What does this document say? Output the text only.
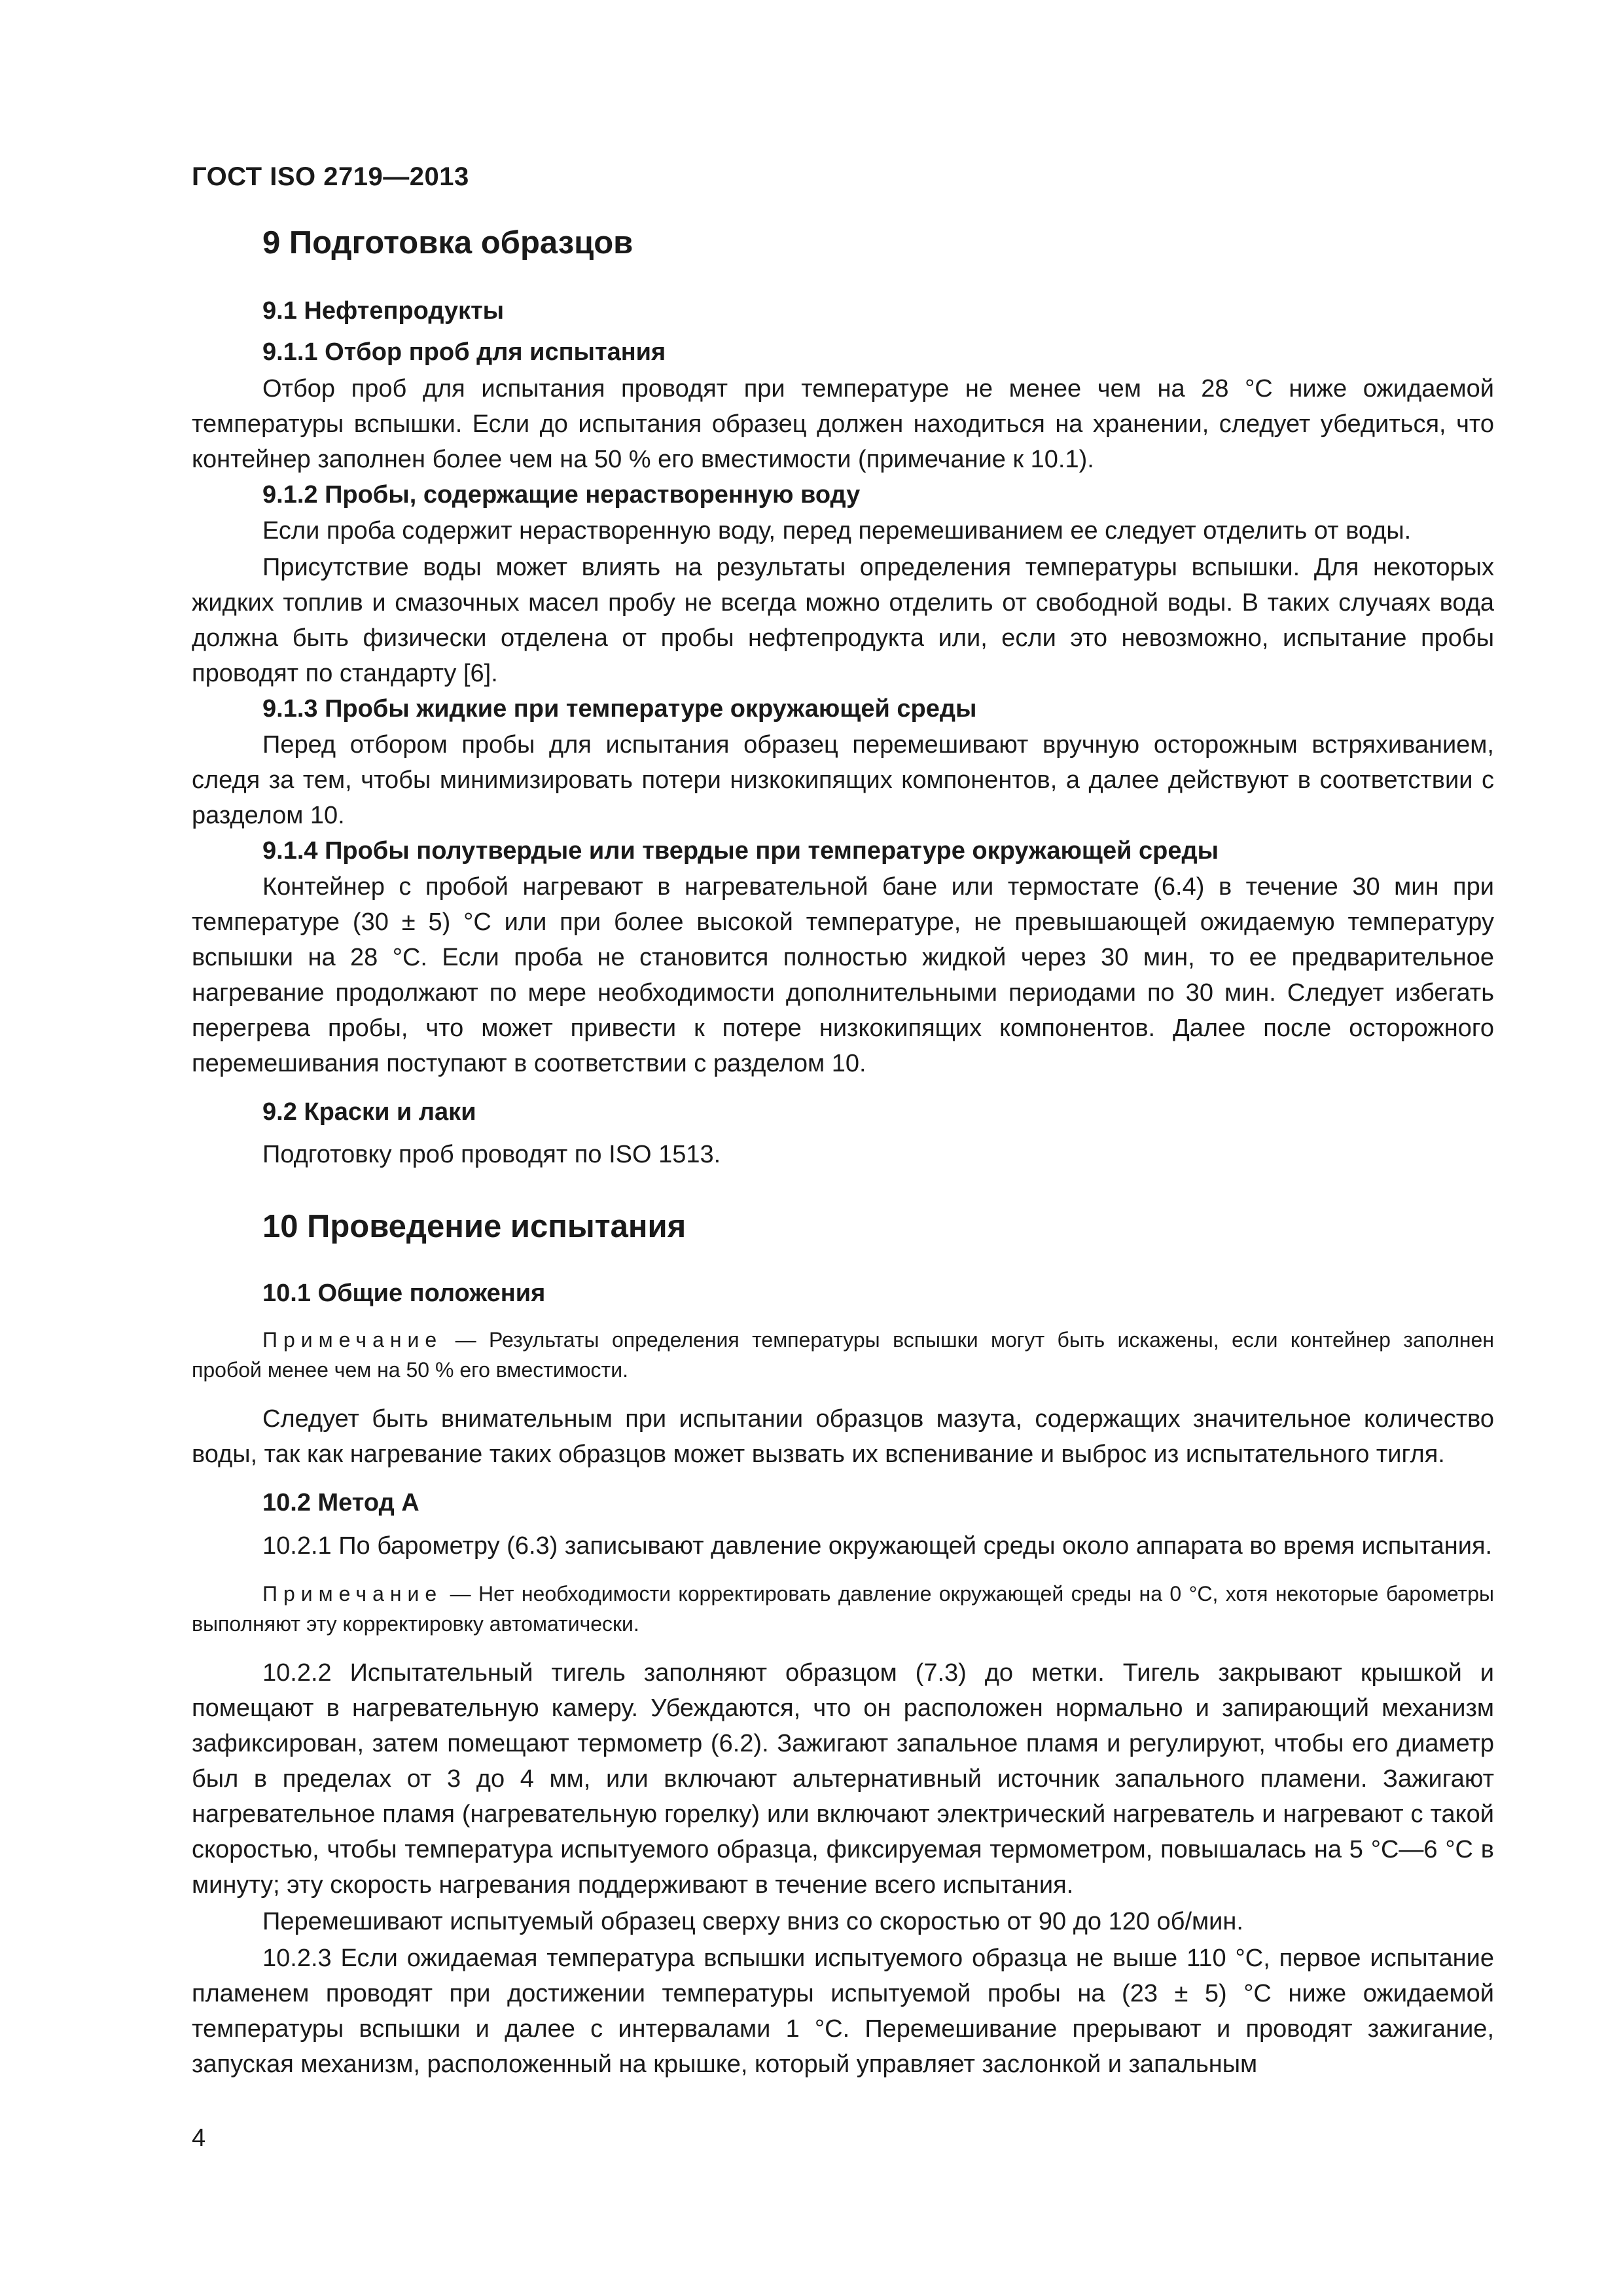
ГОСТ ISO 2719—2013
9 Подготовка образцов
9.1 Нефтепродукты
9.1.1 Отбор проб для испытания

Отбор проб для испытания проводят при температуре не менее чем на 28 °С ниже ожидаемой температуры вспышки. Если до испытания образец должен находиться на хранении, следует убедиться, что контейнер заполнен более чем на 50 % его вместимости (примечание к 10.1).

9.1.2 Пробы, содержащие нерастворенную воду

Если проба содержит нерастворенную воду, перед перемешиванием ее следует отделить от воды.

Присутствие воды может влиять на результаты определения температуры вспышки. Для некоторых жидких топлив и смазочных масел пробу не всегда можно отделить от свободной воды. В таких случаях вода должна быть физически отделена от пробы нефтепродукта или, если это невозможно, испытание пробы проводят по стандарту [6].

9.1.3 Пробы жидкие при температуре окружающей среды

Перед отбором пробы для испытания образец перемешивают вручную осторожным встряхиванием, следя за тем, чтобы минимизировать потери низкокипящих компонентов, а далее действуют в соответствии с разделом 10.

9.1.4 Пробы полутвердые или твердые при температуре окружающей среды

Контейнер с пробой нагревают в нагревательной бане или термостате (6.4) в течение 30 мин при температуре (30 ± 5) °С или при более высокой температуре, не превышающей ожидаемую температуру вспышки на 28 °С. Если проба не становится полностью жидкой через 30 мин, то ее предварительное нагревание продолжают по мере необходимости дополнительными периодами по 30 мин. Следует избегать перегрева пробы, что может привести к потере низкокипящих компонентов. Далее после осторожного перемешивания поступают в соответствии с разделом 10.

9.2 Краски и лаки

Подготовку проб проводят по ISO 1513.

10 Проведение испытания
10.1 Общие положения

Примечание — Результаты определения температуры вспышки могут быть искажены, если контейнер заполнен пробой менее чем на 50 % его вместимости.

Следует быть внимательным при испытании образцов мазута, содержащих значительное количество воды, так как нагревание таких образцов может вызвать их вспенивание и выброс из испытательного тигля.

10.2 Метод А

10.2.1 По барометру (6.3) записывают давление окружающей среды около аппарата во время испытания.

Примечание — Нет необходимости корректировать давление окружающей среды на 0 °С, хотя некоторые барометры выполняют эту корректировку автоматически.

10.2.2 Испытательный тигель заполняют образцом (7.3) до метки. Тигель закрывают крышкой и помещают в нагревательную камеру. Убеждаются, что он расположен нормально и запирающий механизм зафиксирован, затем помещают термометр (6.2). Зажигают запальное пламя и регулируют, чтобы его диаметр был в пределах от 3 до 4 мм, или включают альтернативный источник запального пламени. Зажигают нагревательное пламя (нагревательную горелку) или включают электрический нагреватель и нагревают с такой скоростью, чтобы температура испытуемого образца, фиксируемая термометром, повышалась на 5 °С—6 °С в минуту; эту скорость нагревания поддерживают в течение всего испытания.

Перемешивают испытуемый образец сверху вниз со скоростью от 90 до 120 об/мин.

10.2.3 Если ожидаемая температура вспышки испытуемого образца не выше 110 °С, первое испытание пламенем проводят при достижении температуры испытуемой пробы на (23 ± 5) °С ниже ожидаемой температуры вспышки и далее с интервалами 1 °С. Перемешивание прерывают и проводят зажигание, запуская механизм, расположенный на крышке, который управляет заслонкой и запальным

4
